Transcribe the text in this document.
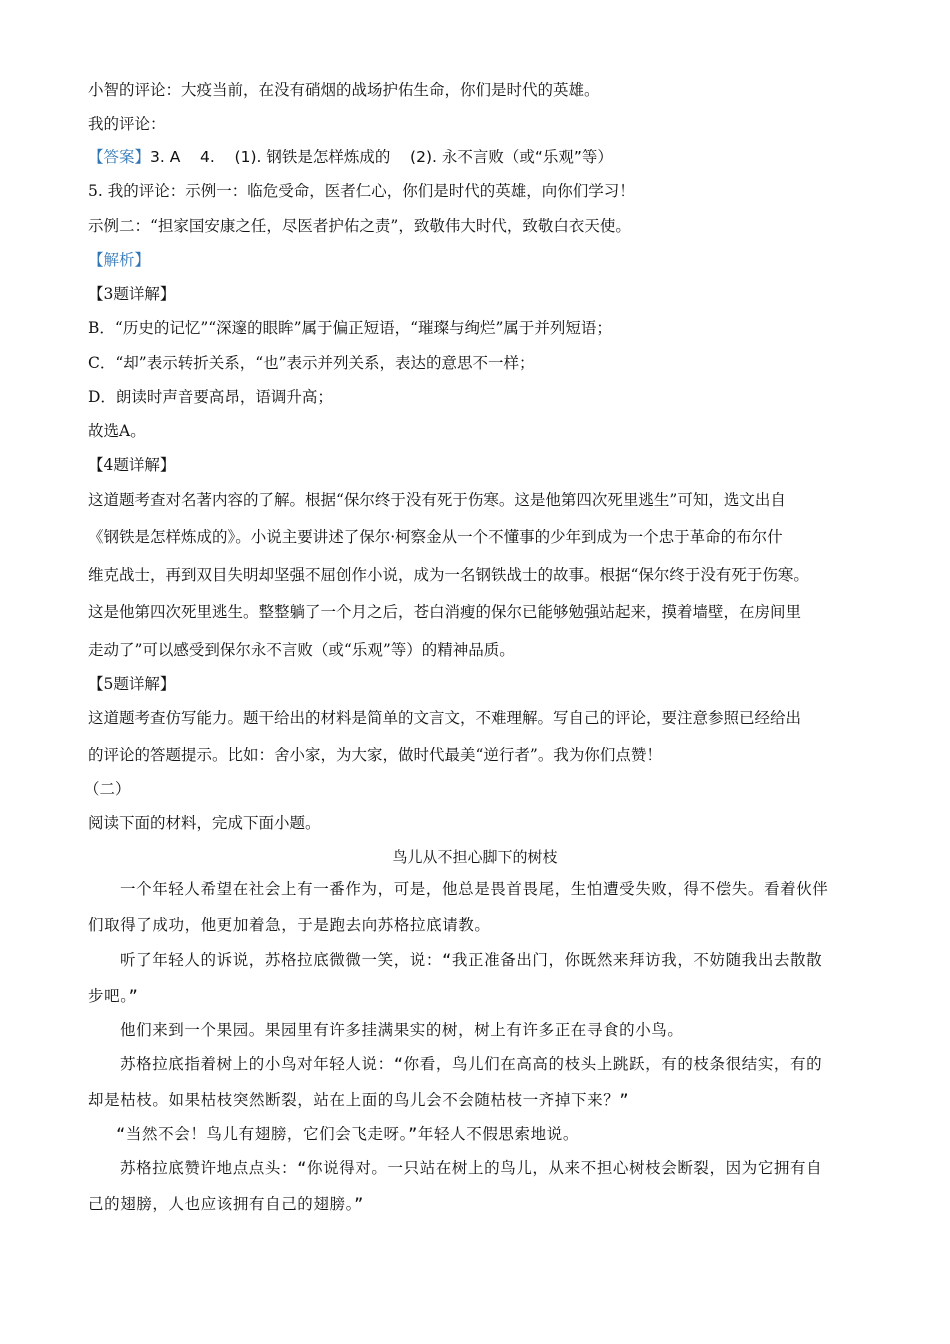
小智的评论：大疫当前，在没有硝烟的战场护佑生命，你们是时代的英雄。
我的评论：
【答案】3. A    4.    (1). 钢铁是怎样炼成的    (2). 永不言败（或“乐观”等）
5. 我的评论：示例一：临危受命，医者仁心，你们是时代的英雄，向你们学习！
示例二：“担家国安康之任，尽医者护佑之责”，致敬伟大时代，致敬白衣天使。
【解析】
【3题详解】
B．“历史的记忆”“深邃的眼眸”属于偏正短语，“璀璨与绚烂”属于并列短语；
C．“却”表示转折关系，“也”表示并列关系，表达的意思不一样；
D．朗读时声音要高昂，语调升高；
故选A。
【4题详解】
这道题考查对名著内容的了解。根据“保尔终于没有死于伤寒。这是他第四次死里逃生”可知，选文出自
《钢铁是怎样炼成的》。小说主要讲述了保尔·柯察金从一个不懂事的少年到成为一个忠于革命的布尔什
维克战士，再到双目失明却坚强不屈创作小说，成为一名钢铁战士的故事。根据“保尔终于没有死于伤寒。
这是他第四次死里逃生。整整躺了一个月之后，苍白消瘦的保尔已能够勉强站起来，摸着墙壁，在房间里
走动了”可以感受到保尔永不言败（或“乐观”等）的精神品质。
【5题详解】
这道题考查仿写能力。题干给出的材料是简单的文言文，不难理解。写自己的评论，要注意参照已经给出
的评论的答题提示。比如：舍小家，为大家，做时代最美“逆行者”。我为你们点赞！
（二）
阅读下面的材料，完成下面小题。
鸟儿从不担心脚下的树枝
一个年轻人希望在社会上有一番作为，可是，他总是畏首畏尾，生怕遭受失败，得不偿失。看着伙伴
们取得了成功，他更加着急，于是跑去向苏格拉底请教。
听了年轻人的诉说，苏格拉底微微一笑，说：“我正准备出门，你既然来拜访我，不妨随我出去散散
步吧。”
他们来到一个果园。果园里有许多挂满果实的树，树上有许多正在寻食的小鸟。
苏格拉底指着树上的小鸟对年轻人说：“你看，鸟儿们在高高的枝头上跳跃，有的枝条很结实，有的
却是枯枝。如果枯枝突然断裂，站在上面的鸟儿会不会随枯枝一齐掉下来？”
“当然不会！鸟儿有翅膀，它们会飞走呀。”年轻人不假思索地说。
苏格拉底赞许地点点头：“你说得对。一只站在树上的鸟儿，从来不担心树枝会断裂，因为它拥有自
己的翅膀，人也应该拥有自己的翅膀。”
